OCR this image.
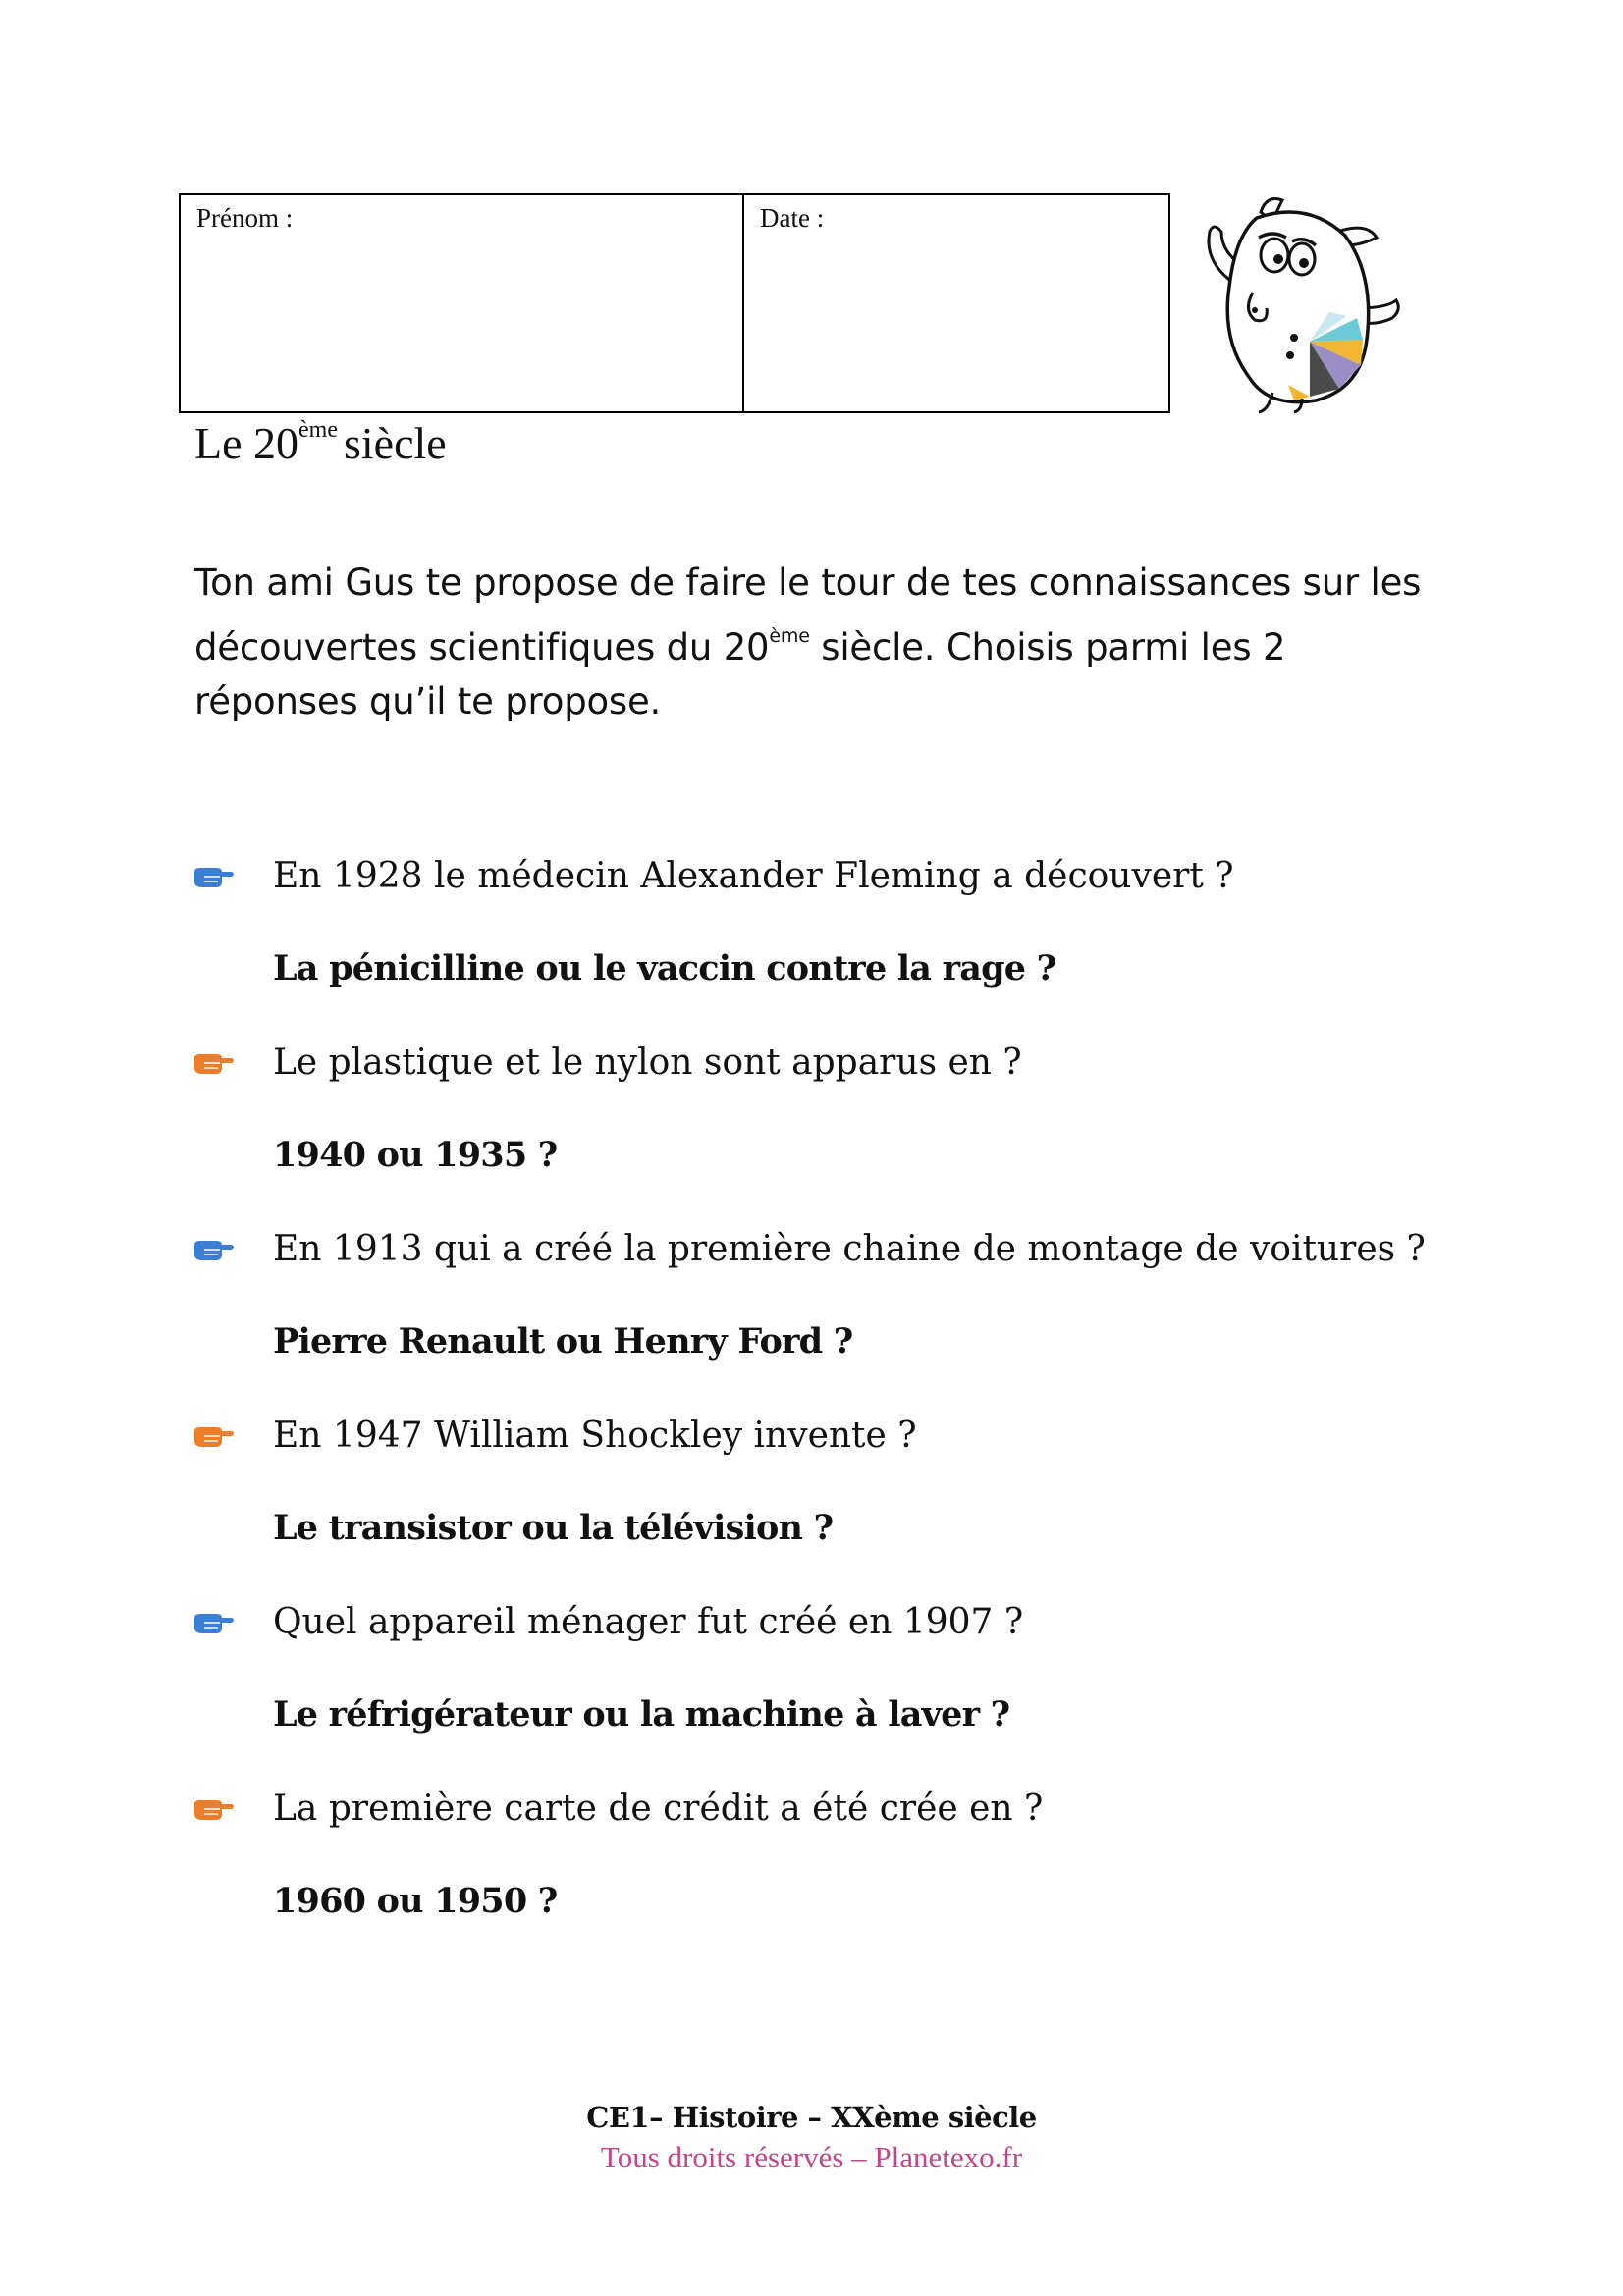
Prénom :	Date :
Le 20ème siècle

Ton ami Gus te propose de faire le tour de tes connaissances sur les découvertes scientifiques du 20ème siècle. Choisis parmi les 2 réponses qu’il te propose.

En 1928 le médecin Alexander Fleming a découvert ?
La pénicilline ou le vaccin contre la rage ?
Le plastique et le nylon sont apparus en ?
1940 ou 1935 ?
En 1913 qui a créé la première chaine de montage de voitures ?
Pierre Renault ou Henry Ford ?
En 1947 William Shockley invente ?
Le transistor ou la télévision ?
Quel appareil ménager fut créé en 1907 ?
Le réfrigérateur ou la machine à laver ?
La première carte de crédit a été crée en ?
1960 ou 1950 ?
CE1– Histoire – XXème siècle
Tous droits réservés – Planetexo.fr
